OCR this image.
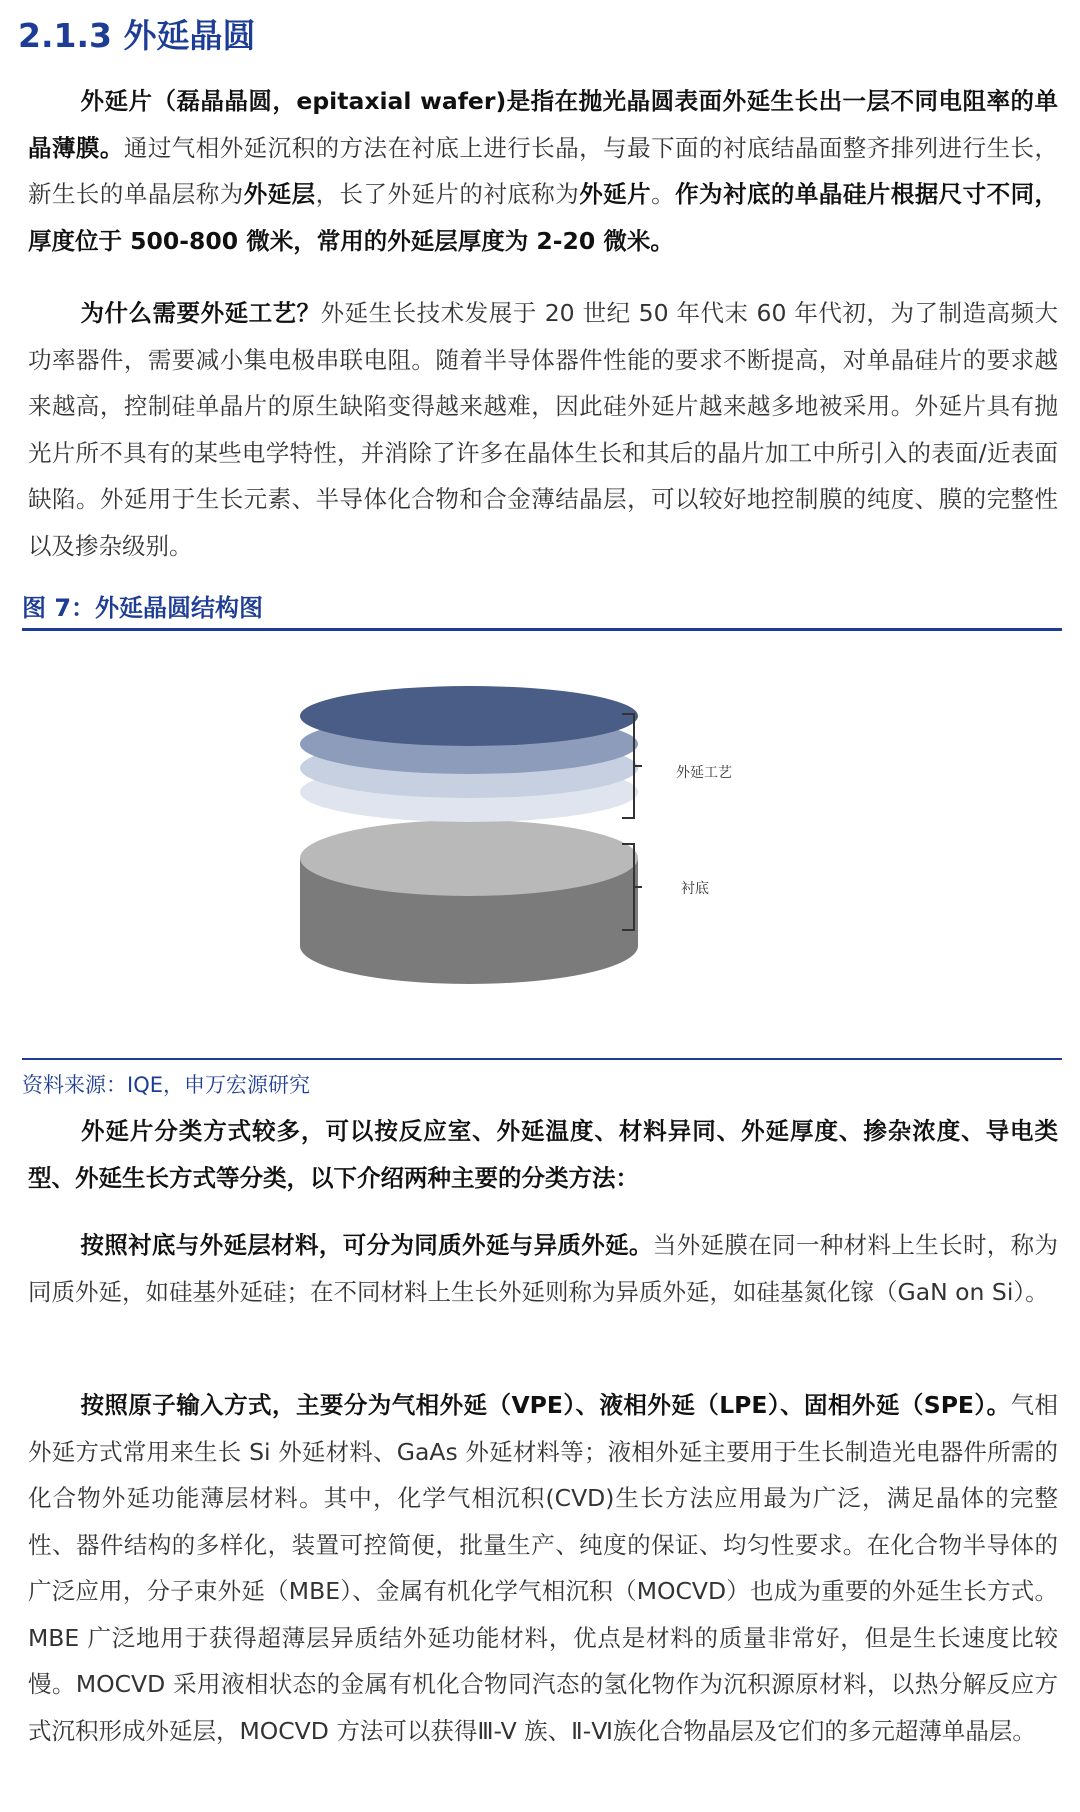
2.1.3 外延晶圆

外延片（磊晶晶圆，epitaxial wafer)是指在抛光晶圆表面外延生长出一层不同电阻率的单晶薄膜。通过气相外延沉积的方法在衬底上进行长晶，与最下面的衬底结晶面整齐排列进行生长，新生长的单晶层称为外延层，长了外延片的衬底称为外延片。作为衬底的单晶硅片根据尺寸不同，厚度位于 500-800 微米，常用的外延层厚度为 2-20 微米。

为什么需要外延工艺？外延生长技术发展于 20 世纪 50 年代末 60 年代初，为了制造高频大功率器件，需要减小集电极串联电阻。随着半导体器件性能的要求不断提高，对单晶硅片的要求越来越高，控制硅单晶片的原生缺陷变得越来越难，因此硅外延片越来越多地被采用。外延片具有抛光片所不具有的某些电学特性，并消除了许多在晶体生长和其后的晶片加工中所引入的表面/近表面缺陷。外延用于生长元素、半导体化合物和合金薄结晶层，可以较好地控制膜的纯度、膜的完整性以及掺杂级别。

图 7：外延晶圆结构图
外延工艺
衬底

资料来源：IQE，申万宏源研究

外延片分类方式较多，可以按反应室、外延温度、材料异同、外延厚度、掺杂浓度、导电类型、外延生长方式等分类，以下介绍两种主要的分类方法：

按照衬底与外延层材料，可分为同质外延与异质外延。当外延膜在同一种材料上生长时，称为同质外延，如硅基外延硅；在不同材料上生长外延则称为异质外延，如硅基氮化镓（GaN on Si）。

按照原子输入方式，主要分为气相外延（VPE）、液相外延（LPE）、固相外延（SPE）。气相外延方式常用来生长 Si 外延材料、GaAs 外延材料等；液相外延主要用于生长制造光电器件所需的化合物外延功能薄层材料。其中，化学气相沉积(CVD)生长方法应用最为广泛，满足晶体的完整性、器件结构的多样化，装置可控简便，批量生产、纯度的保证、均匀性要求。在化合物半导体的广泛应用，分子束外延（MBE）、金属有机化学气相沉积（MOCVD）也成为重要的外延生长方式。MBE 广泛地用于获得超薄层异质结外延功能材料，优点是材料的质量非常好，但是生长速度比较慢。MOCVD 采用液相状态的金属有机化合物同汽态的氢化物作为沉积源原材料，以热分解反应方式沉积形成外延层，MOCVD 方法可以获得Ⅲ-V 族、Ⅱ-Ⅵ族化合物晶层及它们的多元超薄单晶层。
